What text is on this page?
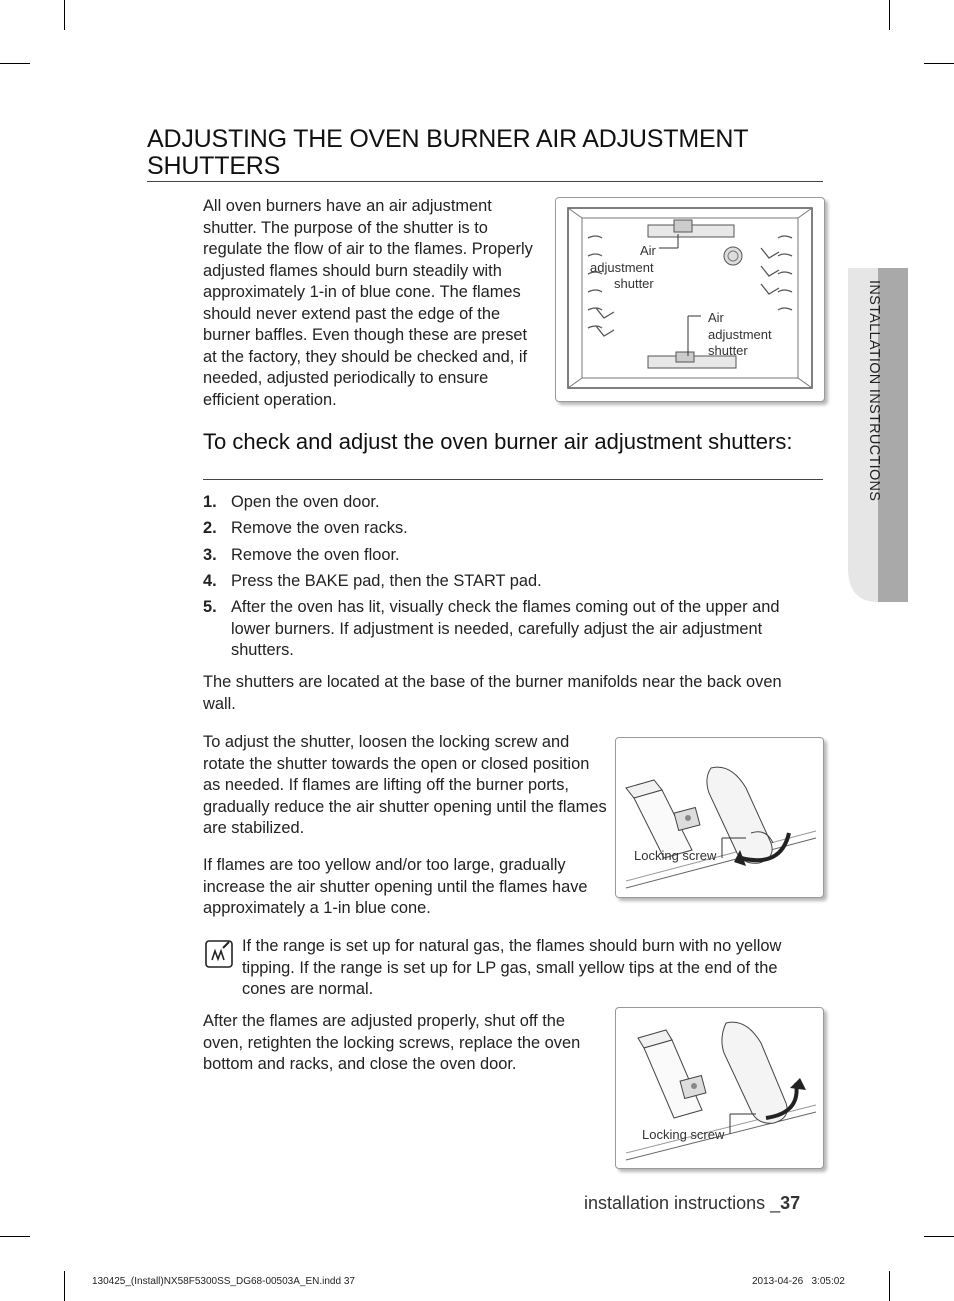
ADJUSTING THE OVEN BURNER AIR ADJUSTMENT SHUTTERS

All oven burners have an air adjustment shutter. The purpose of the shutter is to regulate the flow of air to the flames. Properly adjusted flames should burn steadily with approximately 1-in of blue cone. The flames should never extend past the edge of the burner baffles. Even though these are preset at the factory, they should be checked and, if needed, adjusted periodically to ensure efficient operation.

Air
adjustment
shutter
Air
adjustment
shutter
To check and adjust the oven burner air adjustment shutters:
1. Open the oven door.
2. Remove the oven racks.
3. Remove the oven floor.
4. Press the BAKE pad, then the START pad.
5. After the oven has lit, visually check the flames coming out of the upper and lower burners. If adjustment is needed, carefully adjust the air adjustment shutters.

The shutters are located at the base of the burner manifolds near the back oven wall.

To adjust the shutter, loosen the locking screw and rotate the shutter towards the open or closed position as needed. If flames are lifting off the burner ports, gradually reduce the air shutter opening until the flames are stabilized.

If flames are too yellow and/or too large, gradually increase the air shutter opening until the flames have approximately a 1-in blue cone.

Locking screw

If the range is set up for natural gas, the flames should burn with no yellow tipping. If the range is set up for LP gas, small yellow tips at the end of the cones are normal.

After the flames are adjusted properly, shut off the oven, retighten the locking screws, replace the oven bottom and racks, and close the oven door.

Locking screw
INSTALLATION INSTRUCTIONS
installation instructions _37
130425_(Install)NX58F5300SS_DG68-00503A_EN.indd 37	2013-04-26   3:05:02
